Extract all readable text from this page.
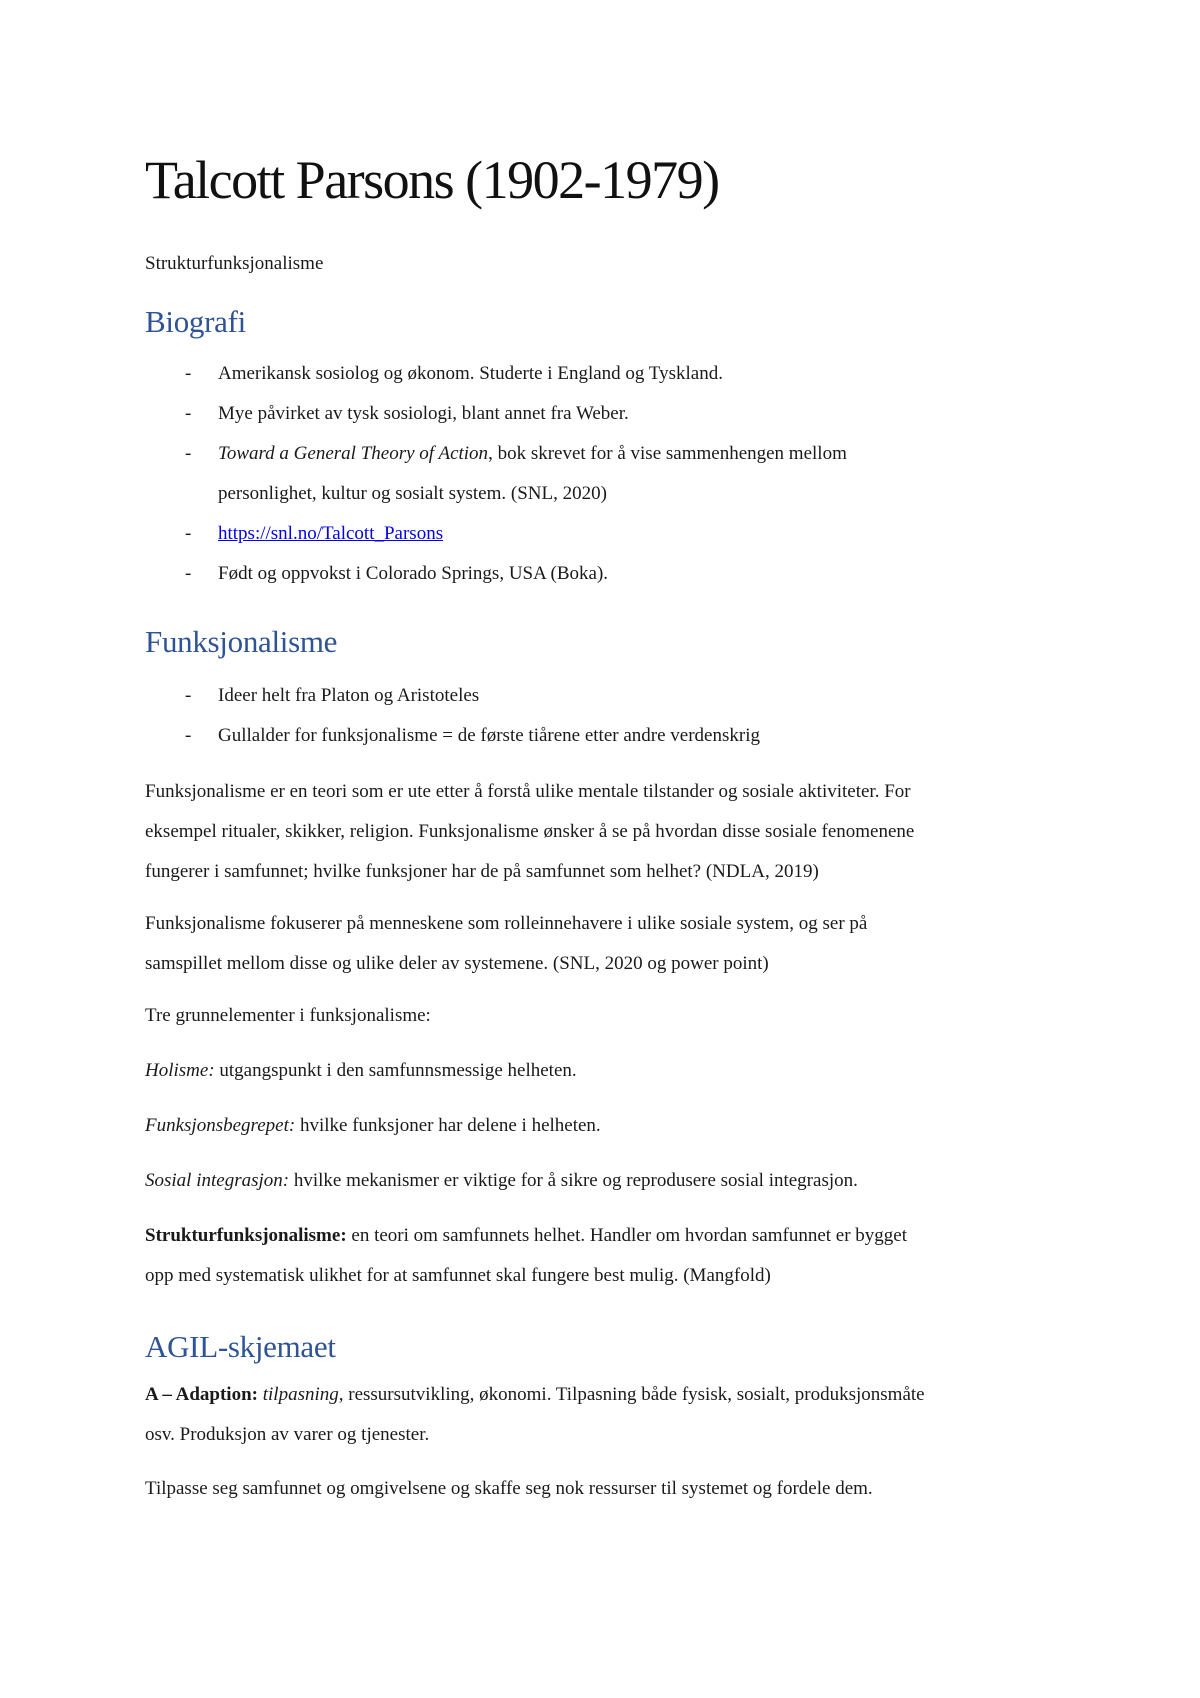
Talcott Parsons (1902-1979)

Strukturfunksjonalisme

Biografi
- Amerikansk sosiolog og økonom. Studerte i England og Tyskland.
- Mye påvirket av tysk sosiologi, blant annet fra Weber.
- Toward a General Theory of Action, bok skrevet for å vise sammenhengen mellom
personlighet, kultur og sosialt system. (SNL, 2020)
- https://snl.no/Talcott_Parsons
- Født og oppvokst i Colorado Springs, USA (Boka).
Funksjonalisme
- Ideer helt fra Platon og Aristoteles
- Gullalder for funksjonalisme = de første tiårene etter andre verdenskrig

Funksjonalisme er en teori som er ute etter å forstå ulike mentale tilstander og sosiale aktiviteter. For
eksempel ritualer, skikker, religion. Funksjonalisme ønsker å se på hvordan disse sosiale fenomenene
fungerer i samfunnet; hvilke funksjoner har de på samfunnet som helhet? (NDLA, 2019)

Funksjonalisme fokuserer på menneskene som rolleinnehavere i ulike sosiale system, og ser på
samspillet mellom disse og ulike deler av systemene. (SNL, 2020 og power point)

Tre grunnelementer i funksjonalisme:

Holisme: utgangspunkt i den samfunnsmessige helheten.

Funksjonsbegrepet: hvilke funksjoner har delene i helheten.

Sosial integrasjon: hvilke mekanismer er viktige for å sikre og reprodusere sosial integrasjon.

Strukturfunksjonalisme: en teori om samfunnets helhet. Handler om hvordan samfunnet er bygget
opp med systematisk ulikhet for at samfunnet skal fungere best mulig. (Mangfold)

AGIL-skjemaet

A – Adaption: tilpasning, ressursutvikling, økonomi. Tilpasning både fysisk, sosialt, produksjonsmåte
osv. Produksjon av varer og tjenester.

Tilpasse seg samfunnet og omgivelsene og skaffe seg nok ressurser til systemet og fordele dem.
